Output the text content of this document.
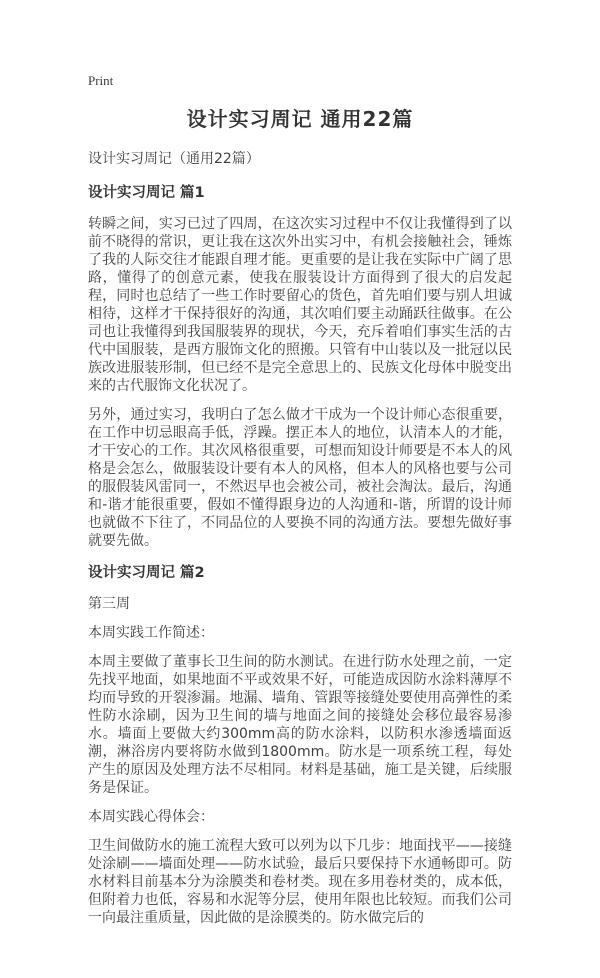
Print
设计实习周记 通用22篇
设计实习周记（通用22篇）
设计实习周记 篇1

转瞬之间，实习已过了四周，在这次实习过程中不仅让我懂得到了以前不晓得的常识，更让我在这次外出实习中，有机会接触社会，锤炼了我的人际交往才能跟自理才能。更重要的是让我在实际中广阔了思路，懂得了的创意元素，使我在服装设计方面得到了很大的启发起程，同时也总结了一些工作时要留心的货色，首先咱们要与别人坦诚相待，这样才干保持很好的沟通，其次咱们要主动踊跃往做事。在公司也让我懂得到我国服装界的现状，今天，充斥着咱们事实生活的古代中国服装，是西方服饰文化的照搬。只管有中山装以及一批冠以民族改进服装形制，但已经不是完全意思上的、民族文化母体中脱变出来的古代服饰文化状况了。

另外，通过实习，我明白了怎么做才干成为一个设计师心态很重要，在工作中切忌眼高手低，浮躁。摆正本人的地位，认清本人的才能，才干安心的工作。其次风格很重要，可想而知设计师要是不本人的风格是会怎么，做服装设计要有本人的风格，但本人的风格也要与公司的服假装风雷同一，不然迟早也会被公司，被社会淘汰。最后，沟通和-谐才能很重要，假如不懂得跟身边的人沟通和-谐，所谓的设计师也就做不下往了，不同品位的人要换不同的沟通方法。要想先做好事就要先做。

设计实习周记 篇2

第三周

本周实践工作简述：

本周主要做了董事长卫生间的防水测试。在进行防水处理之前，一定先找平地面，如果地面不平或效果不好，可能造成因防水涂料薄厚不均而导致的开裂渗漏。地漏、墙角、管跟等接缝处要使用高弹性的柔性防水涂刷，因为卫生间的墙与地面之间的接缝处会移位最容易渗水。墙面上要做大约300mm高的防水涂料，以防积水渗透墙面返潮，淋浴房内要将防水做到1800mm。防水是一项系统工程，每处产生的原因及处理方法不尽相同。材料是基础，施工是关键，后续服务是保证。

本周实践心得体会：

卫生间做防水的施工流程大致可以列为以下几步：地面找平——接缝处涂刷——墙面处理——防水试验，最后只要保持下水通畅即可。防水材料目前基本分为涂膜类和卷材类。现在多用卷材类的，成本低，但附着力也低，容易和水泥等分层，使用年限也比较短。而我们公司一向最注重质量，因此做的是涂膜类的。防水做完后的
